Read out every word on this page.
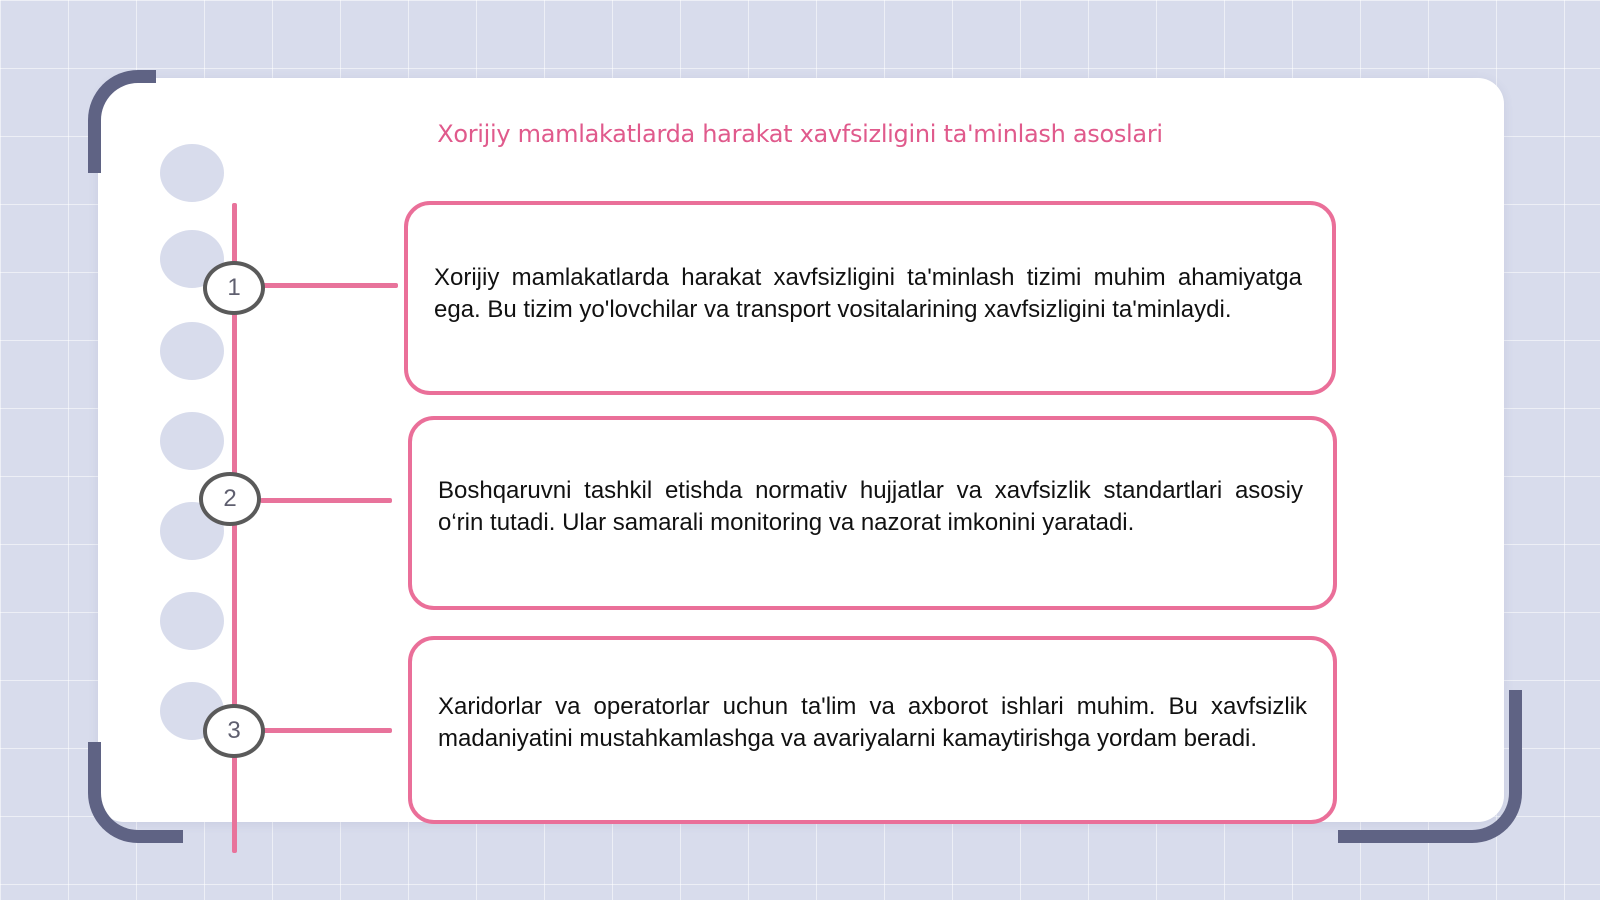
Xorijiy mamlakatlarda harakat xavfsizligini ta'minlash asoslari
1	Xorijiy mamlakatlarda harakat xavfsizligini ta'minlash tizimi muhim ahamiyatga ega. Bu tizim yo'lovchilar va transport vositalarining xavfsizligini ta'minlaydi.

2	Boshqaruvni tashkil etishda normativ hujjatlar va xavfsizlik standartlari asosiy o‘rin tutadi. Ular samarali monitoring va nazorat imkonini yaratadi.

3

Xaridorlar va operatorlar uchun ta'lim va axborot ishlari muhim. Bu xavfsizlik madaniyatini mustahkamlashga va avariyalarni kamaytirishga yordam beradi.
